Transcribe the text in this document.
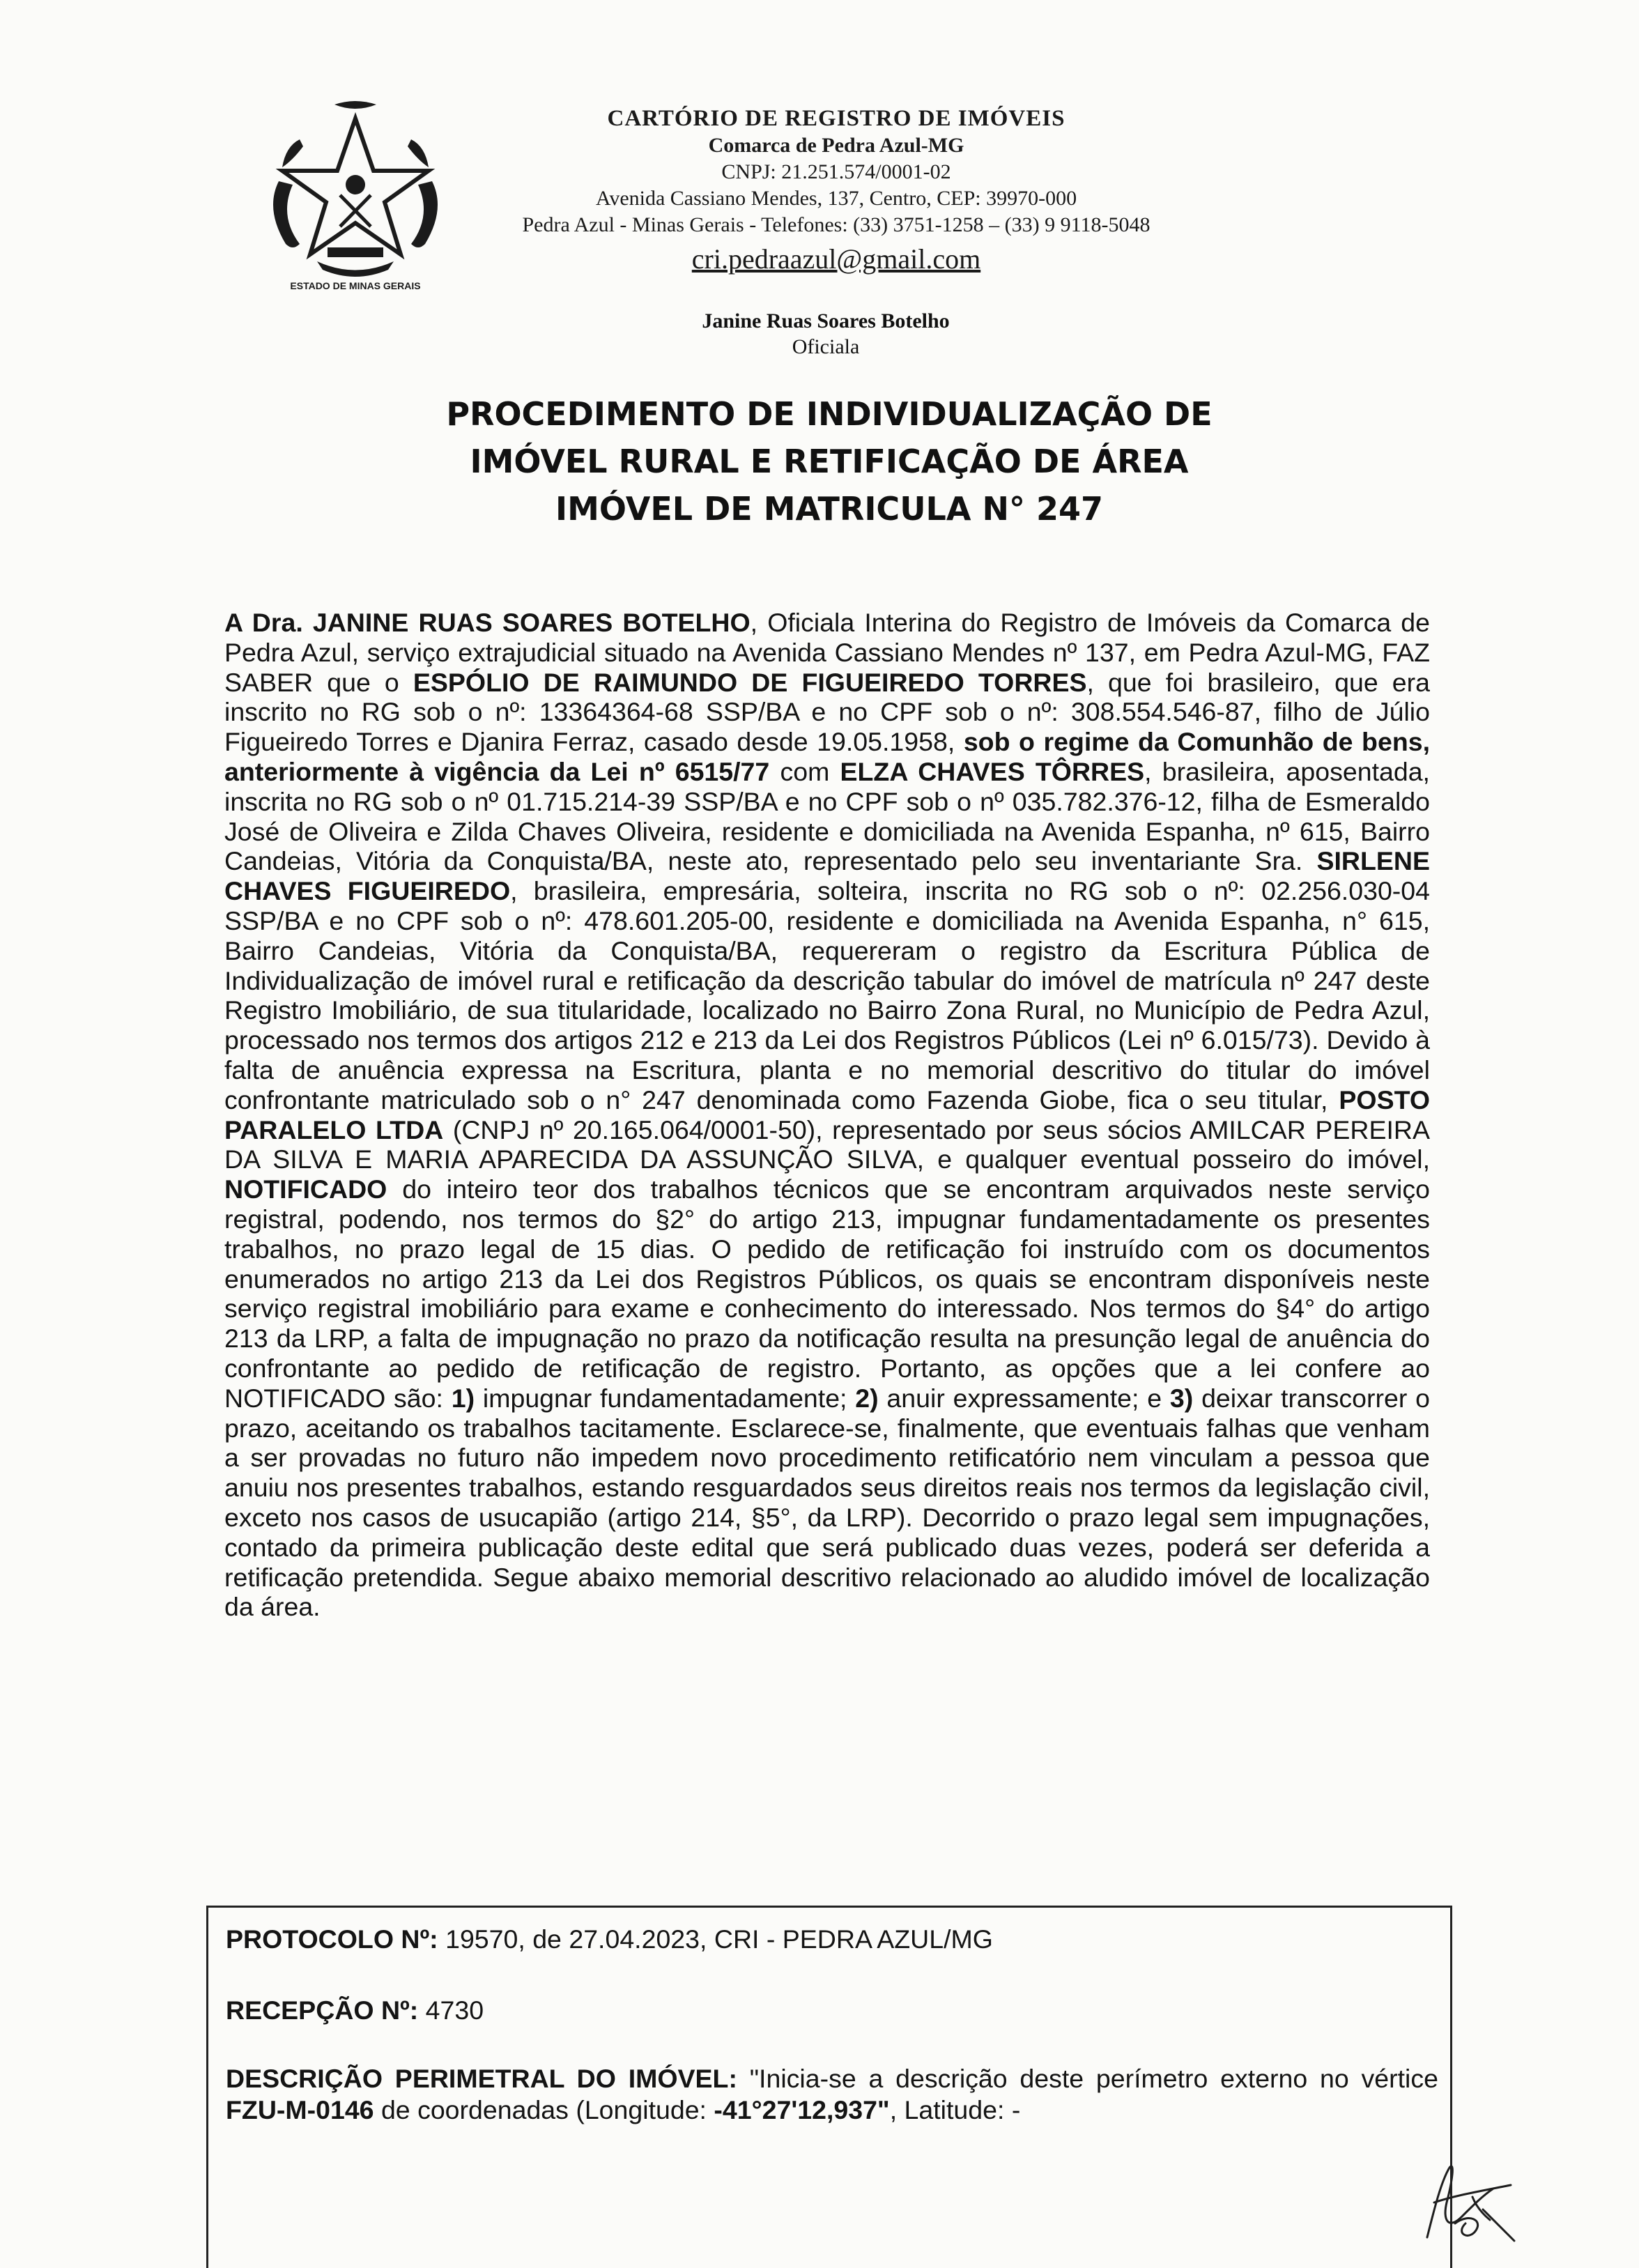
ESTADO DE MINAS GERAIS
CARTÓRIO DE REGISTRO DE IMÓVEIS
Comarca de Pedra Azul-MG
CNPJ: 21.251.574/0001-02
Avenida Cassiano Mendes, 137, Centro, CEP: 39970-000
Pedra Azul - Minas Gerais - Telefones: (33) 3751-1258 – (33) 9 9118-5048
cri.pedraazul@gmail.com
Janine Ruas Soares Botelho
Oficiala
PROCEDIMENTO DE INDIVIDUALIZAÇÃO DE
IMÓVEL RURAL E RETIFICAÇÃO DE ÁREA
IMÓVEL DE MATRICULA N° 247
A Dra. JANINE RUAS SOARES BOTELHO, Oficiala Interina do Registro de Imóveis da Comarca de Pedra Azul, serviço extrajudicial situado na Avenida Cassiano Mendes nº 137, em Pedra Azul-MG, FAZ SABER que o ESPÓLIO DE RAIMUNDO DE FIGUEIREDO TORRES, que foi brasileiro, que era inscrito no RG sob o nº: 13364364-68 SSP/BA e no CPF sob o nº: 308.554.546-87, filho de Júlio Figueiredo Torres e Djanira Ferraz, casado desde 19.05.1958, sob o regime da Comunhão de bens, anteriormente à vigência da Lei nº 6515/77 com ELZA CHAVES TÔRRES, brasileira, aposentada, inscrita no RG sob o nº 01.715.214-39 SSP/BA e no CPF sob o nº 035.782.376-12, filha de Esmeraldo José de Oliveira e Zilda Chaves Oliveira, residente e domiciliada na Avenida Espanha, nº 615, Bairro Candeias, Vitória da Conquista/BA, neste ato, representado pelo seu inventariante Sra. SIRLENE CHAVES FIGUEIREDO, brasileira, empresária, solteira, inscrita no RG sob o nº: 02.256.030-04 SSP/BA e no CPF sob o nº: 478.601.205-00, residente e domiciliada na Avenida Espanha, n° 615, Bairro Candeias, Vitória da Conquista/BA, requereram o registro da Escritura Pública de Individualização de imóvel rural e retificação da descrição tabular do imóvel de matrícula nº 247 deste Registro Imobiliário, de sua titularidade, localizado no Bairro Zona Rural, no Município de Pedra Azul, processado nos termos dos artigos 212 e 213 da Lei dos Registros Públicos (Lei nº 6.015/73). Devido à falta de anuência expressa na Escritura, planta e no memorial descritivo do titular do imóvel confrontante matriculado sob o n° 247 denominada como Fazenda Giobe, fica o seu titular, POSTO PARALELO LTDA (CNPJ nº 20.165.064/0001-50), representado por seus sócios AMILCAR PEREIRA DA SILVA E MARIA APARECIDA DA ASSUNÇÃO SILVA, e qualquer eventual posseiro do imóvel, NOTIFICADO do inteiro teor dos trabalhos técnicos que se encontram arquivados neste serviço registral, podendo, nos termos do §2° do artigo 213, impugnar fundamentadamente os presentes trabalhos, no prazo legal de 15 dias. O pedido de retificação foi instruído com os documentos enumerados no artigo 213 da Lei dos Registros Públicos, os quais se encontram disponíveis neste serviço registral imobiliário para exame e conhecimento do interessado. Nos termos do §4° do artigo 213 da LRP, a falta de impugnação no prazo da notificação resulta na presunção legal de anuência do confrontante ao pedido de retificação de registro. Portanto, as opções que a lei confere ao NOTIFICADO são: 1) impugnar fundamentadamente; 2) anuir expressamente; e 3) deixar transcorrer o prazo, aceitando os trabalhos tacitamente. Esclarece-se, finalmente, que eventuais falhas que venham a ser provadas no futuro não impedem novo procedimento retificatório nem vinculam a pessoa que anuiu nos presentes trabalhos, estando resguardados seus direitos reais nos termos da legislação civil, exceto nos casos de usucapião (artigo 214, §5°, da LRP). Decorrido o prazo legal sem impugnações, contado da primeira publicação deste edital que será publicado duas vezes, poderá ser deferida a retificação pretendida. Segue abaixo memorial descritivo relacionado ao aludido imóvel de localização da área.
PROTOCOLO Nº: 19570, de 27.04.2023, CRI - PEDRA AZUL/MG
RECEPÇÃO Nº: 4730
DESCRIÇÃO PERIMETRAL DO IMÓVEL: "Inicia-se a descrição deste perímetro externo no vértice FZU-M-0146 de coordenadas (Longitude: -41°27'12,937", Latitude: -
